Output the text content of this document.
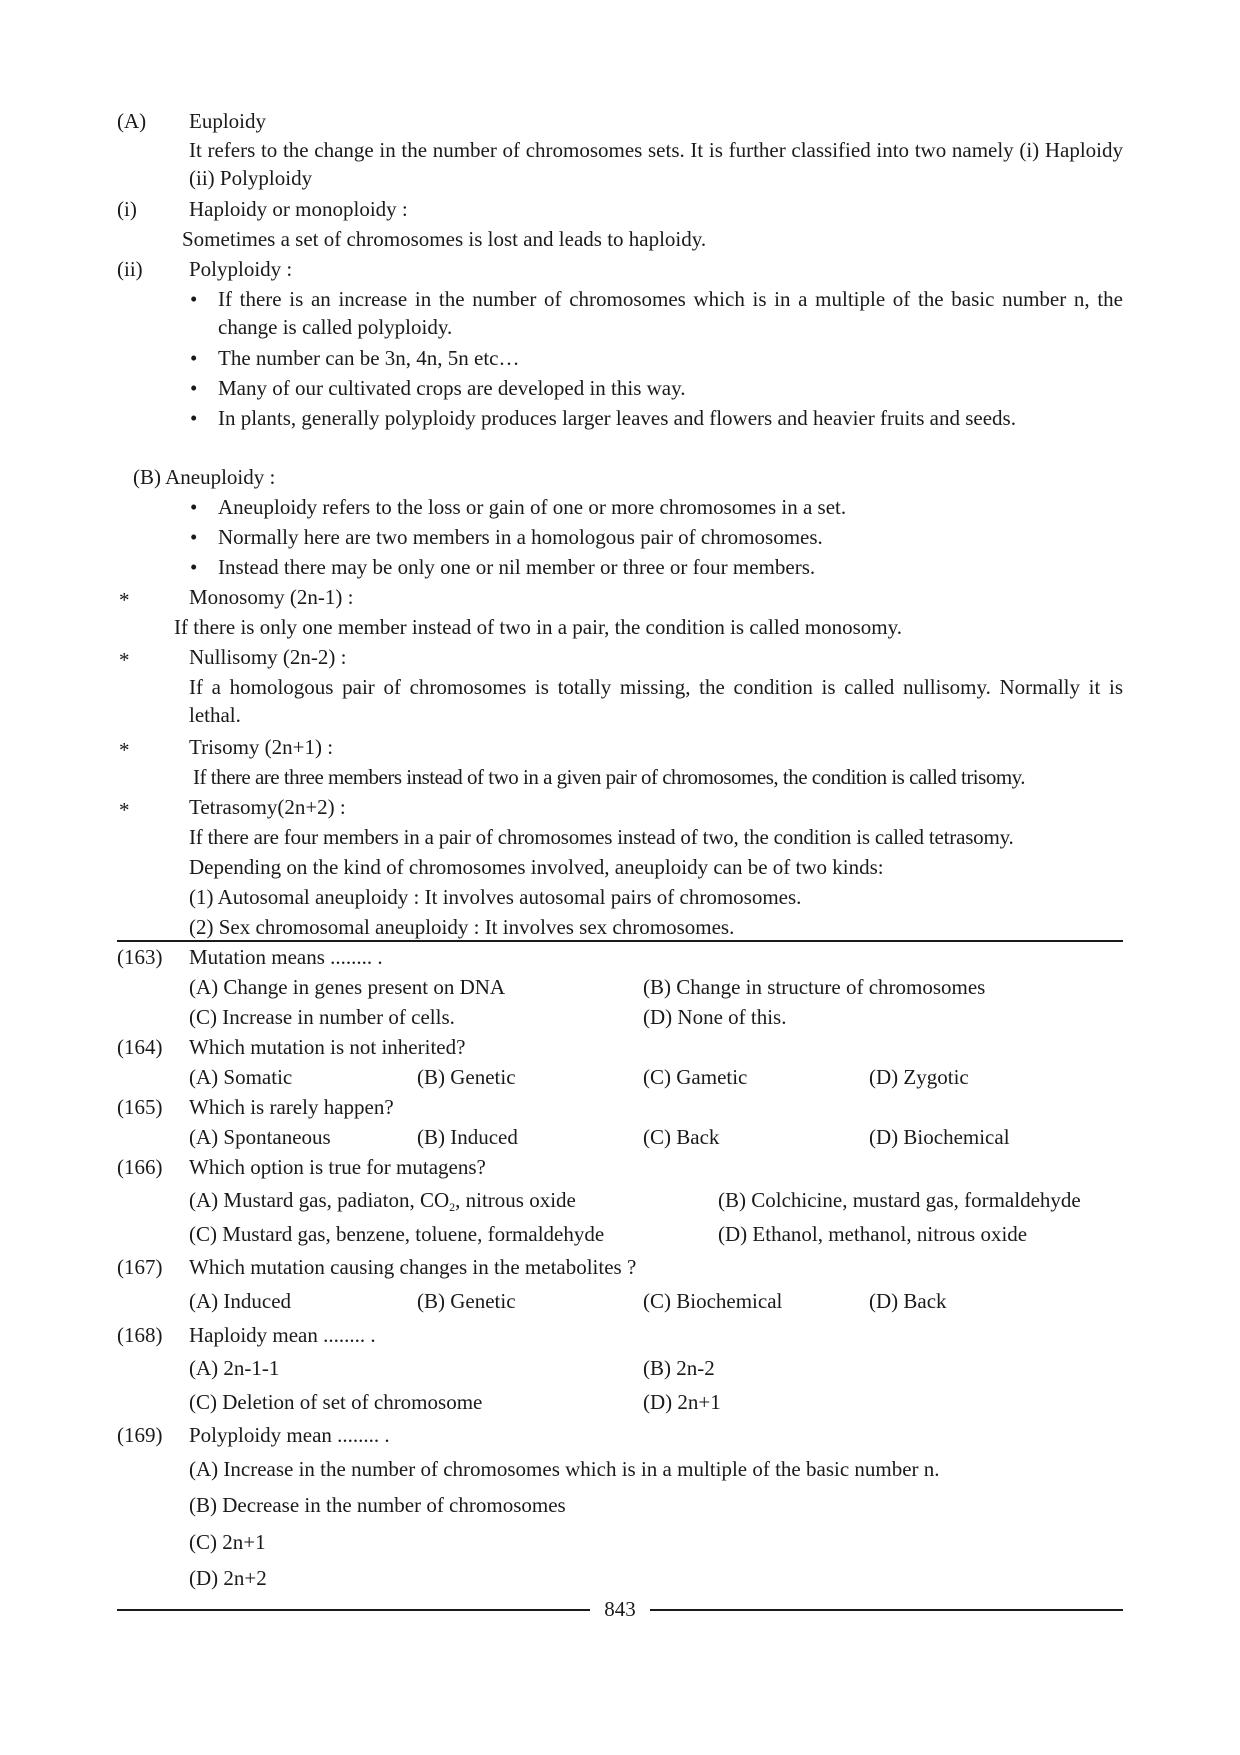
(A) Euploidy
It refers to the change in the number of chromosomes sets. It is further classified into two namely (i) Haploidy (ii) Polyploidy
(i) Haploidy or monoploidy :
Sometimes a set of chromosomes is lost and leads to haploidy.
(ii) Polyploidy :
• If there is an increase in the number of chromosomes which is in a multiple of the basic number n, the change is called polyploidy.
• The number can be 3n, 4n, 5n etc…
• Many of our cultivated crops are developed in this way.
• In plants, generally polyploidy produces larger leaves and flowers and heavier fruits and seeds.
(B) Aneuploidy :
• Aneuploidy refers to the loss or gain of one or more chromosomes in a set.
• Normally here are two members in a homologous pair of chromosomes.
• Instead there may be only one or nil member or three or four members.
*	Monosomy (2n-1) :
If there is only one member instead of two in a pair, the condition is called monosomy.
*	Nullisomy (2n-2) :
If a homologous pair of chromosomes is totally missing, the condition is called nullisomy. Normally it is lethal.
*	Trisomy (2n+1) :
If there are three members instead of two in a given pair of chromosomes, the condition is called trisomy.
*	Tetrasomy(2n+2) :
If there are four members in a pair of chromosomes instead of two, the condition is called tetrasomy.
Depending on the kind of chromosomes involved, aneuploidy can be of two kinds:
(1) Autosomal aneuploidy : It involves autosomal pairs of chromosomes.
(2) Sex chromosomal aneuploidy : It involves sex chromosomes.
(163) Mutation means ........ .
(A) Change in genes present on DNA	(B) Change in structure of chromosomes
(C) Increase in number of cells.	(D) None of this.
(164) Which mutation is not inherited?
(A) Somatic	(B) Genetic	(C) Gametic	(D) Zygotic
(165) Which is rarely happen?
(A) Spontaneous	(B) Induced	(C) Back	(D) Biochemical
(166) Which option is true for mutagens?
(A) Mustard gas, padiaton, $CO_2$, nitrous oxide	(B) Colchicine, mustard gas, formaldehyde
(C) Mustard gas, benzene, toluene, formaldehyde	(D) Ethanol, methanol, nitrous oxide
(167) Which mutation causing changes in the metabolites ?
(A) Induced	(B) Genetic	(C) Biochemical	(D) Back
(168) Haploidy mean ........ .
(A) 2n-1-1	(B) 2n-2
(C) Deletion of set of chromosome	(D) 2n+1
(169) Polyploidy mean ........ .
(A) Increase in the number of chromosomes which is in a multiple of the basic number n.
(B) Decrease in the number of chromosomes
(C) 2n+1
(D) 2n+2
843
